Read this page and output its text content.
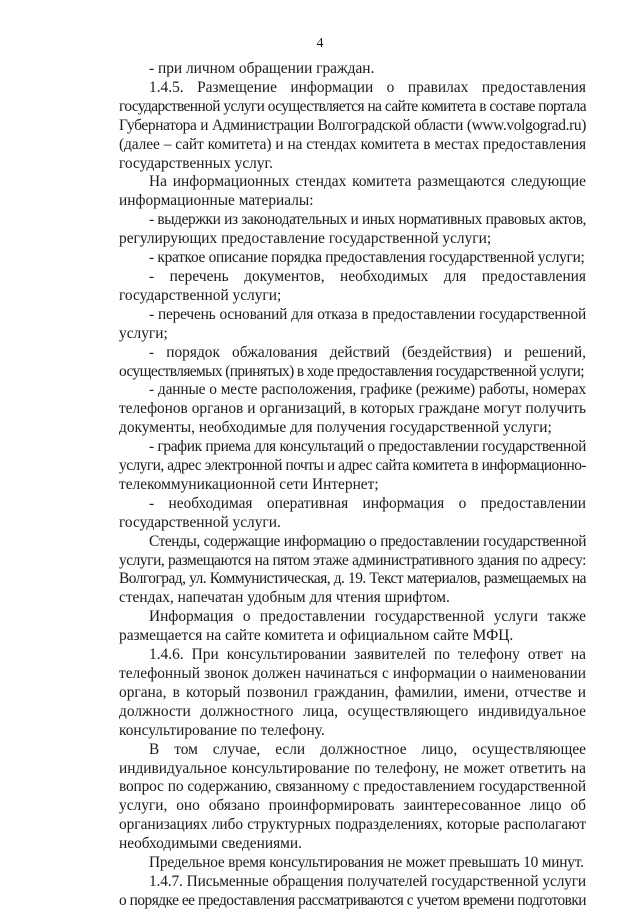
4
- при личном обращении граждан.
1.4.5. Размещение информации о правилах предоставления
государственной услуги осуществляется на сайте комитета в составе портала
Губернатора и Администрации Волгоградской области (www.volgograd.ru)
(далее – сайт комитета) и на стендах комитета в местах предоставления
государственных услуг.
На информационных стендах комитета размещаются следующие
информационные материалы:
- выдержки из законодательных и иных нормативных правовых актов,
регулирующих предоставление государственной услуги;
- краткое описание порядка предоставления государственной услуги;
- перечень документов, необходимых для предоставления
государственной услуги;
- перечень оснований для отказа в предоставлении государственной
услуги;
- порядок обжалования действий (бездействия) и решений,
осуществляемых (принятых) в ходе предоставления государственной услуги;
- данные о месте расположения, графике (режиме) работы, номерах
телефонов органов и организаций, в которых граждане могут получить
документы, необходимые для получения государственной услуги;
- график приема для консультаций о предоставлении государственной
услуги, адрес электронной почты и адрес сайта комитета в информационно-
телекоммуникационной сети Интернет;
- необходимая оперативная информация о предоставлении
государственной услуги.
Стенды, содержащие информацию о предоставлении государственной
услуги, размещаются на пятом этаже административного здания по адресу:
Волгоград, ул. Коммунистическая, д. 19. Текст материалов, размещаемых на
стендах, напечатан удобным для чтения шрифтом.
Информация о предоставлении государственной услуги также
размещается на сайте комитета и официальном сайте МФЦ.
1.4.6. При консультировании заявителей по телефону ответ на
телефонный звонок должен начинаться с информации о наименовании
органа, в который позвонил гражданин, фамилии, имени, отчестве и
должности должностного лица, осуществляющего индивидуальное
консультирование по телефону.
В том случае, если должностное лицо, осуществляющее
индивидуальное консультирование по телефону, не может ответить на
вопрос по содержанию, связанному с предоставлением государственной
услуги, оно обязано проинформировать заинтересованное лицо об
организациях либо структурных подразделениях, которые располагают
необходимыми сведениями.
Предельное время консультирования не может превышать 10 минут.
1.4.7. Письменные обращения получателей государственной услуги
о порядке ее предоставления рассматриваются с учетом времени подготовки
